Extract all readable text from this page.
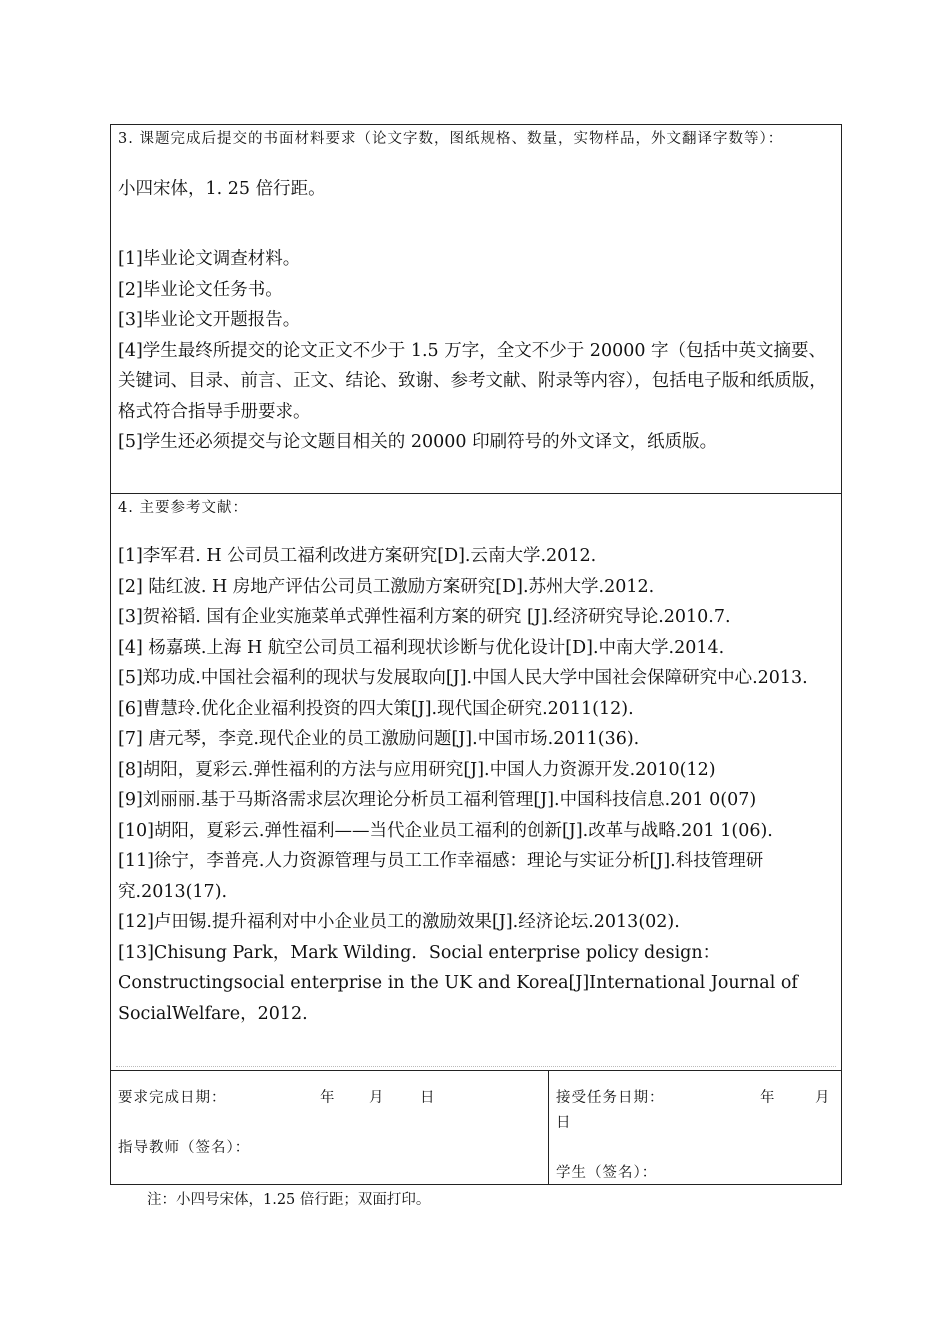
3. 课题完成后提交的书面材料要求（论文字数，图纸规格、数量，实物样品，外文翻译字数等）：
小四宋体，1. 25 倍行距。

[1]毕业论文调查材料。

[2]毕业论文任务书。

[3]毕业论文开题报告。

[4]学生最终所提交的论文正文不少于 1.5 万字，全文不少于 20000 字（包括中英文摘要、关键词、目录、前言、正文、结论、致谢、参考文献、附录等内容），包括电子版和纸质版，格式符合指导手册要求。

[5]学生还必须提交与论文题目相关的 20000 印刷符号的外文译文，纸质版。

4. 主要参考文献：

[1]李军君. H 公司员工福利改进方案研究[D].云南大学.2012.

[2] 陆红波. H 房地产评估公司员工激励方案研究[D].苏州大学.2012.

[3]贺裕韬. 国有企业实施菜单式弹性福利方案的研究 [J].经济研究导论.2010.7.

[4] 杨嘉瑛.上海 H 航空公司员工福利现状诊断与优化设计[D].中南大学.2014.

[5]郑功成.中国社会福利的现状与发展取向[J].中国人民大学中国社会保障研究中心.2013.

[6]曹慧玲.优化企业福利投资的四大策[J].现代国企研究.2011(12).

[7] 唐元琴，李竞.现代企业的员工激励问题[J].中国市场.2011(36).

[8]胡阳，夏彩云.弹性福利的方法与应用研究[J].中国人力资源开发.2010(12)

[9]刘丽丽.基于马斯洛需求层次理论分析员工福利管理[J].中国科技信息.201 0(07)

[10]胡阳，夏彩云.弹性福利——当代企业员工福利的创新[J].改革与战略.201 1(06).

[11]徐宁，李普亮.人力资源管理与员工工作幸福感：理论与实证分析[J].科技管理研究.2013(17).

[12]卢田锡.提升福利对中小企业员工的激励效果[J].经济论坛.2013(02).

[13]Chisung Park，Mark Wilding．Social enterprise policy design：Constructingsocial enterprise in the UK and Korea[J]International Journal of SocialWelfare，2012.

要求完成日期：	年 月 日
指导教师（签名）：
接受任务日期：	年	月
日
学生（签名）：
注：小四号宋体，1.25 倍行距；双面打印。
